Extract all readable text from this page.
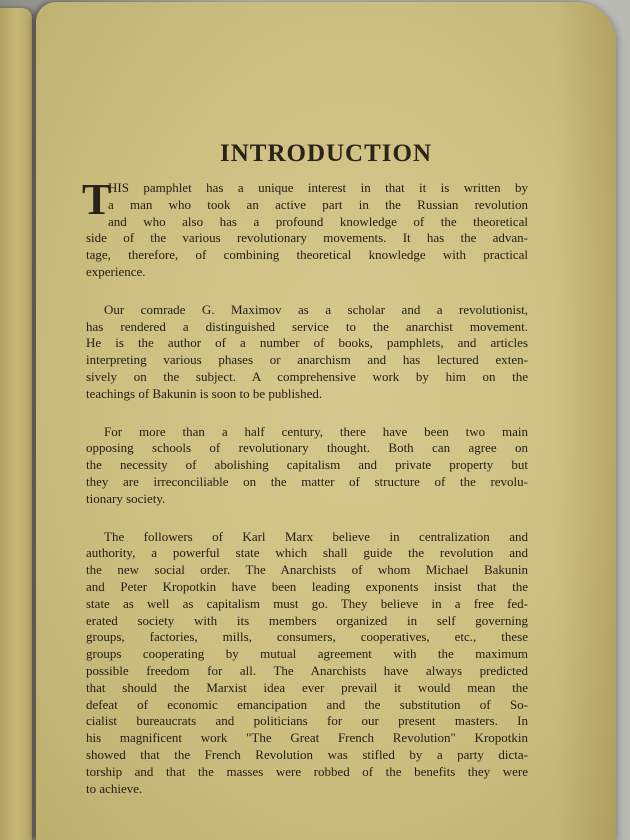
INTRODUCTION
T
HIS pamphlet has a unique interest in that it is written by
a man who took an active part in the Russian revolution
and who also has a profound knowledge of the theoretical
side of the various revolutionary movements. It has the advan-
tage, therefore, of combining theoretical knowledge with practical
experience.
Our comrade G. Maximov as a scholar and a revolutionist,
has rendered a distinguished service to the anarchist movement.
He is the author of a number of books, pamphlets, and articles
interpreting various phases or anarchism and has lectured exten-
sively on the subject. A comprehensive work by him on the
teachings of Bakunin is soon to be published.
For more than a half century, there have been two main
opposing schools of revolutionary thought. Both can agree on
the necessity of abolishing capitalism and private property but
they are irreconciliable on the matter of structure of the revolu-
tionary society.
The followers of Karl Marx believe in centralization and
authority, a powerful state which shall guide the revolution and
the new social order. The Anarchists of whom Michael Bakunin
and Peter Kropotkin have been leading exponents insist that the
state as well as capitalism must go. They believe in a free fed-
erated society with its members organized in self governing
groups, factories, mills, consumers, cooperatives, etc., these
groups cooperating by mutual agreement with the maximum
possible freedom for all. The Anarchists have always predicted
that should the Marxist idea ever prevail it would mean the
defeat of economic emancipation and the substitution of So-
cialist bureaucrats and politicians for our present masters. In
his magnificent work "The Great French Revolution" Kropotkin
showed that the French Revolution was stifled by a party dicta-
torship and that the masses were robbed of the benefits they were
to achieve.
